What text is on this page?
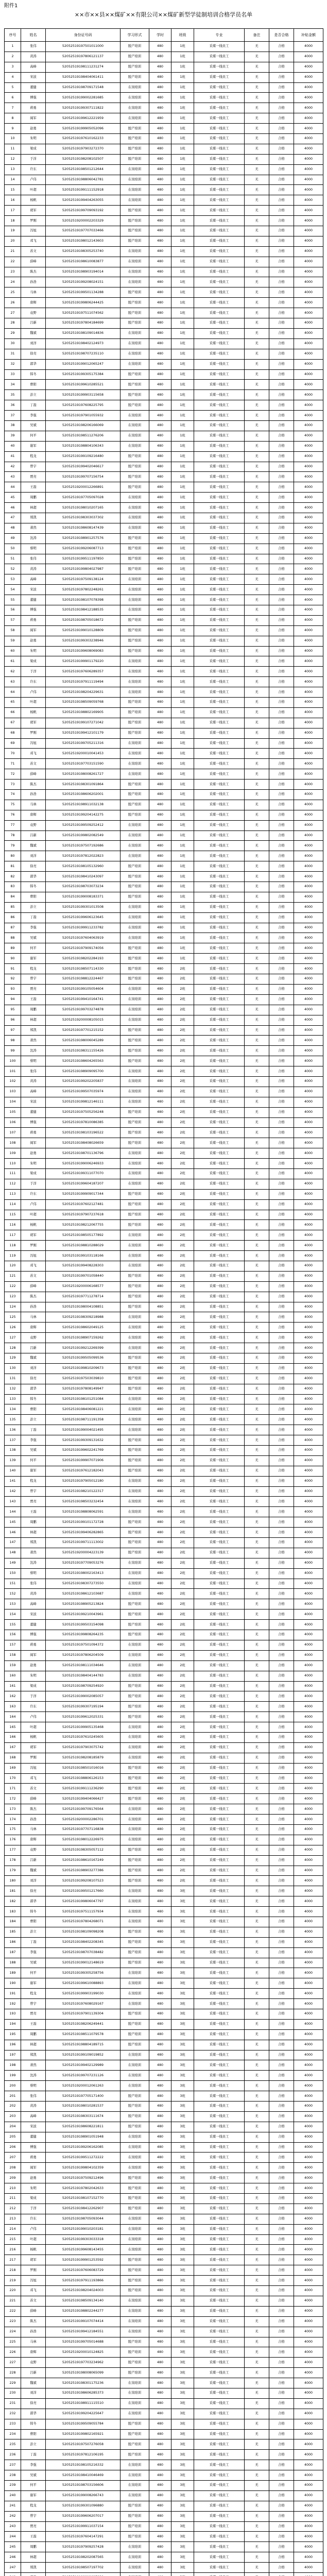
附件1
××市××县××煤矿××有限公司××煤矿新型学徒制培训合格学员名单
序号	姓名	身份证号码	学习形式	学时	班级	专业	备注	是否合格	补贴金额
1	张伟	52052519197501011000	脱产培训	480	1班	采煤一线员工	无	合格	4000
2	黄涛	52052519197806121137	脱产培训	480	1班	采煤一线员工	无	合格	4000
3	高峰	52052519198111231274	脱产培训	480	1班	采煤一线员工	无	合格	4000
4	宋波	52052519198404061411	脱产培训	480	1班	采煤一线员工	无	合格	4000
5	董健	52052519198709171548	在岗培训	480	1班	采煤一线员工	无	合格	4000
6	傅强	52052519199002281685	在岗培训	480	1班	采煤一线员工	无	合格	4000
7	蒋勇	52052519199307111822	在岗培训	480	1班	采煤一线员工	无	合格	4000
8	阎军	52052519199612221959	在岗培训	480	1班	采煤一线员工	无	合格	4000
9	赵勇	52052519199905052096	脱产培训	480	1班	采煤一线员工	无	合格	4000
10	朱明	52052519197610162233	脱产培训	480	1班	采煤一线员工	无	合格	4000
11	梁成	52052519197903272370	脱产培训	480	1班	采煤一线员工	无	合格	4000
12	于洋	52052519198208102507	脱产培训	480	1班	采煤一线员工	无	合格	4000
13	许东	52052519198501212644	在岗培训	480	1班	采煤一线员工	无	合格	4000
14	卢伟	52052519198806042781	在岗培训	480	1班	采煤一线员工	无	合格	4000
15	叶超	52052519199111152918	在岗培训	480	1班	采煤一线员工	无	合格	4000
16	杨帆	52052519199404263055	在岗培训	480	1班	采煤一线员工	无	合格	4000
17	胡军	52052519199709093192	脱产培训	480	1班	采煤一线员工	无	合格	4000
18	罗刚	52052519200002203329	脱产培训	480	1班	采煤一线员工	无	合格	4000
19	冯旭	52052519197707033466	脱产培训	480	1班	采煤一线员工	无	合格	4000
20	邓飞	52052519198012143603	脱产培训	480	1班	采煤一线员工	无	合格	4000
21	苏文	52052519198305253740	在岗培训	480	1班	采煤一线员工	无	合格	4000
22	薛峰	52052519198610083877	在岗培训	480	1班	采煤一线员工	无	合格	4000
23	陈杰	52052519198903194014	在岗培训	480	1班	采煤一线员工	无	合格	4000
24	孙浩	52052519199208024151	在岗培训	480	1班	采煤一线员工	无	合格	4000
25	马林	52052519199501134288	脱产培训	480	1班	采煤一线员工	无	合格	4000
26	唐辉	52052519199806244425	脱产培训	480	1班	采煤一线员工	无	合格	4000
27	袁野	52052519197511074562	脱产培训	480	1班	采煤一线员工	无	合格	4000
28	吕新	52052519197804184699	脱产培训	480	1班	采煤一线员工	无	合格	4000
29	魏斌	52052519198109014836	在岗培训	480	1班	采煤一线员工	无	合格	4000
30	刘洋	52052519198402124973	在岗培训	480	1班	采煤一线员工	无	合格	4000
31	徐亮	52052519198707235110	在岗培训	480	1班	采煤一线员工	无	合格	4000
32	郭华	52052519199012065247	在岗培训	480	1班	采煤一线员工	无	合格	4000
33	韩冬	52052519199305175384	脱产培训	480	1班	采煤一线员工	无	合格	4000
34	曹阳	52052519199610285521	脱产培训	480	1班	采煤一线员工	无	合格	4000
35	彭立	52052519199903115658	脱产培训	480	1班	采煤一线员工	无	合格	4000
36	丁磊	52052519197608225795	脱产培训	480	1班	采煤一线员工	无	合格	4000
37	李强	52052519197901055932	在岗培训	480	1班	采煤一线员工	无	合格	4000
38	吴斌	52052519198206166069	在岗培训	480	1班	采煤一线员工	无	合格	4000
39	何平	52052519198511276206	在岗培训	480	1班	采煤一线员工	无	合格	4000
40	谢军	52052519198804106343	在岗培训	480	1班	采煤一线员工	无	合格	4000
41	程龙	52052519199109216480	脱产培训	480	1班	采煤一线员工	无	合格	4000
42	曾宇	52052519199402046617	脱产培训	480	1班	采煤一线员工	无	合格	4000
43	贾亮	52052519199707156754	脱产培训	480	1班	采煤一线员工	无	合格	4000
44	王磊	52052519200012266891	脱产培训	480	1班	采煤一线员工	无	合格	4000
45	周鹏	52052519197705097028	在岗培训	480	1班	采煤一线员工	无	合格	4000
46	林超	52052519198010207165	在岗培训	480	1班	采煤一线员工	无	合格	4000
47	郑凯	52052519198303037302	在岗培训	480	1班	采煤一线员工	无	合格	4000
48	萧然	52052519198608147439	在岗培训	480	1班	采煤一线员工	无	合格	4000
49	沈涛	52052519198901257576	脱产培训	480	1班	采煤一线员工	无	合格	4000
50	蔡明	52052519199206087713	脱产培训	480	1班	采煤一线员工	无	合格	4000
51	张伟	52052519199511197850	脱产培训	480	1班	采煤一线员工	无	合格	4000
52	黄涛	52052519199804027987	脱产培训	480	1班	采煤一线员工	无	合格	4000
53	高峰	52052519197509138124	在岗培训	480	1班	采煤一线员工	无	合格	4000
54	宋波	52052519197802248261	在岗培训	480	1班	采煤一线员工	无	合格	4000
55	董健	52052519198107078398	在岗培训	480	1班	采煤一线员工	无	合格	4000
56	傅强	52052519198412188535	在岗培训	480	1班	采煤一线员工	无	合格	4000
57	蒋勇	52052519198705018672	脱产培训	480	1班	采煤一线员工	无	合格	4000
58	阎军	52052519199010128809	脱产培训	480	1班	采煤一线员工	无	合格	4000
59	赵勇	52052519199303238946	脱产培训	480	1班	采煤一线员工	无	合格	4000
60	朱明	52052519199608069083	脱产培训	480	1班	采煤一线员工	无	合格	4000
61	梁成	52052519199901179220	在岗培训	480	1班	采煤一线员工	无	合格	4000
62	于洋	52052519197606289357	在岗培训	480	1班	采煤一线员工	无	合格	4000
63	许东	52052519197911119494	在岗培训	480	1班	采煤一线员工	无	合格	4000
64	卢伟	52052519198204229631	在岗培训	480	1班	采煤一线员工	无	合格	4000
65	叶超	52052519198509059768	脱产培训	480	1班	采煤一线员工	无	合格	4000
66	杨帆	52052519198802169905	脱产培训	480	1班	采煤一线员工	无	合格	4000
67	胡军	52052519199107271042	脱产培训	480	1班	采煤一线员工	无	合格	4000
68	罗刚	52052519199412101179	脱产培训	480	1班	采煤一线员工	无	合格	4000
69	冯旭	52052519199705211316	在岗培训	480	1班	采煤一线员工	无	合格	4000
70	邓飞	52052519200010041453	在岗培训	480	1班	采煤一线员工	无	合格	4000
71	苏文	52052519197703151590	在岗培训	480	1班	采煤一线员工	无	合格	4000
72	薛峰	52052519198008261727	在岗培训	480	1班	采煤一线员工	无	合格	4000
73	陈杰	52052519198301091864	脱产培训	480	1班	采煤一线员工	无	合格	4000
74	孙浩	52052519198606202001	脱产培训	480	1班	采煤一线员工	无	合格	4000
75	马林	52052519198911032138	脱产培训	480	1班	采煤一线员工	无	合格	4000
76	唐辉	52052519199204142275	脱产培训	480	1班	采煤一线员工	无	合格	4000
77	袁野	52052519199509252412	在岗培训	480	1班	采煤一线员工	无	合格	4000
78	吕新	52052519199802082549	在岗培训	480	1班	采煤一线员工	无	合格	4000
79	魏斌	52052519197507192686	在岗培训	480	1班	采煤一线员工	无	合格	4000
80	刘洋	52052519197812022823	在岗培训	480	1班	采煤一线员工	无	合格	4000
81	徐亮	52052519198105132960	脱产培训	480	1班	采煤一线员工	无	合格	4000
82	郭华	52052519198410243097	脱产培训	480	1班	采煤一线员工	无	合格	4000
83	韩冬	52052519198703073234	脱产培训	480	1班	采煤一线员工	无	合格	4000
84	曹阳	52052519199008183371	脱产培训	480	1班	采煤一线员工	无	合格	4000
85	彭立	52052519199301013508	在岗培训	480	1班	采煤一线员工	无	合格	4000
86	丁磊	52052519199606123645	在岗培训	480	1班	采煤一线员工	无	合格	4000
87	李强	52052519199911233782	在岗培训	480	1班	采煤一线员工	无	合格	4000
88	吴斌	52052519197604063919	在岗培训	480	1班	采煤一线员工	无	合格	4000
89	何平	52052519197909174056	脱产培训	480	1班	采煤一线员工	无	合格	4000
90	谢军	52052519198202284193	脱产培训	480	1班	采煤一线员工	无	合格	4000
91	程龙	52052519198507114330	脱产培训	480	2班	采煤一线员工	无	合格	4000
92	曾宇	52052519198812224467	脱产培训	480	2班	采煤一线员工	无	合格	4000
93	贾亮	52052519199105054604	在岗培训	480	2班	采煤一线员工	无	合格	4000
94	王磊	52052519199410164741	在岗培训	480	2班	采煤一线员工	无	合格	4000
95	周鹏	52052519199703274878	在岗培训	480	2班	采煤一线员工	无	合格	4000
96	林超	52052519200008105015	在岗培训	480	2班	采煤一线员工	无	合格	4000
97	郑凯	52052519197701215152	脱产培训	480	2班	采煤一线员工	无	合格	4000
98	萧然	52052519198006045289	脱产培训	480	2班	采煤一线员工	无	合格	4000
99	沈涛	52052519198311155426	脱产培训	480	2班	采煤一线员工	无	合格	4000
100	蔡明	52052519198604265563	脱产培训	480	2班	采煤一线员工	无	合格	4000
101	张伟	52052519198909095700	在岗培训	480	2班	采煤一线员工	无	合格	4000
102	黄涛	52052519199202205837	在岗培训	480	2班	采煤一线员工	无	合格	4000
103	高峰	52052519199507035974	在岗培训	480	2班	采煤一线员工	无	合格	4000
104	宋波	52052519199812146111	在岗培训	480	2班	采煤一线员工	无	合格	4000
105	董健	52052519197505256248	脱产培训	480	2班	采煤一线员工	无	合格	4000
106	傅强	52052519197810086385	脱产培训	480	2班	采煤一线员工	无	合格	4000
107	蒋勇	52052519198103196522	脱产培训	480	2班	采煤一线员工	无	合格	4000
108	阎军	52052519198408026659	脱产培训	480	2班	采煤一线员工	无	合格	4000
109	赵勇	52052519198701136796	在岗培训	480	2班	采煤一线员工	无	合格	4000
110	朱明	52052519199006246933	在岗培训	480	2班	采煤一线员工	无	合格	4000
111	梁成	52052519199311077070	在岗培训	480	2班	采煤一线员工	无	合格	4000
112	于洋	52052519199604187207	在岗培训	480	2班	采煤一线员工	无	合格	4000
113	许东	52052519199909017344	脱产培训	480	2班	采煤一线员工	无	合格	4000
114	卢伟	52052519197602127481	脱产培训	480	2班	采煤一线员工	无	合格	4000
115	叶超	52052519197907237618	脱产培训	480	2班	采煤一线员工	无	合格	4000
116	杨帆	52052519198212067755	脱产培训	480	2班	采煤一线员工	无	合格	4000
117	胡军	52052519198505177892	在岗培训	480	2班	采煤一线员工	无	合格	4000
118	罗刚	52052519198810288029	在岗培训	480	2班	采煤一线员工	无	合格	4000
119	冯旭	52052519199103118166	在岗培训	480	2班	采煤一线员工	无	合格	4000
120	邓飞	52052519199408228303	在岗培训	480	2班	采煤一线员工	无	合格	4000
121	苏文	52052519199701058440	脱产培训	480	2班	采煤一线员工	无	合格	4000
122	薛峰	52052519200006168577	脱产培训	480	2班	采煤一线员工	无	合格	4000
123	陈杰	52052519197711278714	脱产培训	480	2班	采煤一线员工	无	合格	4000
124	孙浩	52052519198004108851	脱产培训	480	2班	采煤一线员工	无	合格	4000
125	马林	52052519198309218988	在岗培训	480	2班	采煤一线员工	无	合格	4000
126	唐辉	52052519198602049125	在岗培训	480	2班	采煤一线员工	无	合格	4000
127	袁野	52052519198907159262	在岗培训	480	2班	采煤一线员工	无	合格	4000
128	吕新	52052519199212269399	在岗培训	480	2班	采煤一线员工	无	合格	4000
129	魏斌	52052519199505099536	脱产培训	480	2班	采煤一线员工	无	合格	4000
130	刘洋	52052519199810209673	脱产培训	480	2班	采煤一线员工	无	合格	4000
131	徐亮	52052519197503039810	脱产培训	480	2班	采煤一线员工	无	合格	4000
132	郭华	52052519197808149947	脱产培训	480	2班	采煤一线员工	无	合格	4000
133	韩冬	52052519198101251084	在岗培训	480	2班	采煤一线员工	无	合格	4000
134	曹阳	52052519198406081221	在岗培训	480	2班	采煤一线员工	无	合格	4000
135	彭立	52052519198711191358	在岗培训	480	2班	采煤一线员工	无	合格	4000
136	丁磊	52052519199004021495	在岗培训	480	2班	采煤一线员工	无	合格	4000
137	李强	52052519199309131632	脱产培训	480	2班	采煤一线员工	无	合格	4000
138	吴斌	52052519199602241769	脱产培训	480	2班	采煤一线员工	无	合格	4000
139	何平	52052519199907071906	脱产培训	480	2班	采煤一线员工	无	合格	4000
140	谢军	52052519197612182043	脱产培训	480	2班	采煤一线员工	无	合格	4000
141	程龙	52052519197905012180	在岗培训	480	2班	采煤一线员工	无	合格	4000
142	曾宇	52052519198210122317	在岗培训	480	2班	采煤一线员工	无	合格	4000
143	贾亮	52052519198503232454	在岗培训	480	2班	采煤一线员工	无	合格	4000
144	王磊	52052519198808062591	在岗培训	480	2班	采煤一线员工	无	合格	4000
145	周鹏	52052519199101172728	脱产培训	480	2班	采煤一线员工	无	合格	4000
146	林超	52052519199406282865	脱产培训	480	2班	采煤一线员工	无	合格	4000
147	郑凯	52052519199711113002	脱产培训	480	2班	采煤一线员工	无	合格	4000
148	萧然	52052519200004223139	脱产培训	480	2班	采煤一线员工	无	合格	4000
149	沈涛	52052519197709053276	在岗培训	480	2班	采煤一线员工	无	合格	4000
150	蔡明	52052519198002163413	在岗培训	480	2班	采煤一线员工	无	合格	4000
151	张伟	52052519198307273550	在岗培训	480	2班	采煤一线员工	无	合格	4000
152	黄涛	52052519198612103687	在岗培训	480	2班	采煤一线员工	无	合格	4000
153	高峰	52052519198905213824	脱产培训	480	2班	采煤一线员工	无	合格	4000
154	宋波	52052519199210043961	脱产培训	480	2班	采煤一线员工	无	合格	4000
155	董健	52052519199503154098	脱产培训	480	2班	采煤一线员工	无	合格	4000
156	傅强	52052519199808264235	脱产培训	480	2班	采煤一线员工	无	合格	4000
157	蒋勇	52052519197501094372	在岗培训	480	2班	采煤一线员工	无	合格	4000
158	阎军	52052519197806204509	在岗培训	480	2班	采煤一线员工	无	合格	4000
159	赵勇	52052519198111034646	在岗培训	480	2班	采煤一线员工	无	合格	4000
160	朱明	52052519198404144783	在岗培训	480	2班	采煤一线员工	无	合格	4000
161	梁成	52052519198709254920	脱产培训	480	2班	采煤一线员工	无	合格	4000
162	于洋	52052519199002085057	脱产培训	480	2班	采煤一线员工	无	合格	4000
163	许东	52052519199307195194	脱产培训	480	2班	采煤一线员工	无	合格	4000
164	卢伟	52052519199612025331	脱产培训	480	2班	采煤一线员工	无	合格	4000
165	叶超	52052519199905135468	在岗培训	480	2班	采煤一线员工	无	合格	4000
166	杨帆	52052519197610245605	在岗培训	480	2班	采煤一线员工	无	合格	4000
167	胡军	52052519197903075742	在岗培训	480	2班	采煤一线员工	无	合格	4000
168	罗刚	52052519198208185879	在岗培训	480	2班	采煤一线员工	无	合格	4000
169	冯旭	52052519198501016016	脱产培训	480	2班	采煤一线员工	无	合格	4000
170	邓飞	52052519198806126153	脱产培训	480	2班	采煤一线员工	无	合格	4000
171	苏文	52052519199111236290	脱产培训	480	2班	采煤一线员工	无	合格	4000
172	薛峰	52052519199404066427	脱产培训	480	2班	采煤一线员工	无	合格	4000
173	陈杰	52052519199709176564	在岗培训	480	2班	采煤一线员工	无	合格	4000
174	孙浩	52052519200002286701	在岗培训	480	2班	采煤一线员工	无	合格	4000
175	马林	52052519197707116838	在岗培训	480	2班	采煤一线员工	无	合格	4000
176	唐辉	52052519198012226975	在岗培训	480	2班	采煤一线员工	无	合格	4000
177	袁野	52052519198305057112	脱产培训	480	2班	采煤一线员工	无	合格	4000
178	吕新	52052519198610167249	脱产培训	480	2班	采煤一线员工	无	合格	4000
179	魏斌	52052519198903277386	脱产培训	480	2班	采煤一线员工	无	合格	4000
180	刘洋	52052519199208107523	脱产培训	480	2班	采煤一线员工	无	合格	4000
181	徐亮	52052519199501217660	在岗培训	480	3班	采煤一线员工	无	合格	4000
182	郭华	52052519199806047797	在岗培训	480	3班	采煤一线员工	无	合格	4000
183	韩冬	52052519197511157934	在岗培训	480	3班	采煤一线员工	无	合格	4000
184	曹阳	52052519197804268071	在岗培训	480	3班	采煤一线员工	无	合格	4000
185	彭立	52052519198109098208	脱产培训	480	3班	采煤一线员工	无	合格	4000
186	丁磊	52052519198402208345	脱产培训	480	3班	采煤一线员工	无	合格	4000
187	李强	52052519198707038482	脱产培训	480	3班	采煤一线员工	无	合格	4000
188	吴斌	52052519199012148619	脱产培训	480	3班	采煤一线员工	无	合格	4000
189	何平	52052519199305258756	在岗培训	480	3班	采煤一线员工	无	合格	4000
190	谢军	52052519199610088893	在岗培训	480	3班	采煤一线员工	无	合格	4000
191	程龙	52052519199903199030	在岗培训	480	3班	采煤一线员工	无	合格	4000
192	曾宇	52052519197608029167	在岗培训	480	3班	采煤一线员工	无	合格	4000
193	贾亮	52052519197901139304	脱产培训	480	3班	采煤一线员工	无	合格	4000
194	王磊	52052519198206249441	脱产培训	480	3班	采煤一线员工	无	合格	4000
195	周鹏	52052519198511079578	脱产培训	480	3班	采煤一线员工	无	合格	4000
196	林超	52052519198804189715	脱产培训	480	3班	采煤一线员工	无	合格	4000
197	郑凯	52052519199109019852	在岗培训	480	3班	采煤一线员工	无	合格	4000
198	萧然	52052519199402129989	在岗培训	480	3班	采煤一线员工	无	合格	4000
199	沈涛	52052519199707231126	在岗培训	480	3班	采煤一线员工	无	合格	4000
200	蔡明	52052519200012061263	在岗培训	480	3班	采煤一线员工	无	合格	4000
201	张伟	52052519197705171400	脱产培训	480	3班	采煤一线员工	无	合格	4000
202	黄涛	52052519198010281537	脱产培训	480	3班	采煤一线员工	无	合格	4000
203	高峰	52052519198303111674	脱产培训	480	3班	采煤一线员工	无	合格	4000
204	宋波	52052519198608221811	脱产培训	480	3班	采煤一线员工	无	合格	4000
205	董健	52052519198901051948	在岗培训	480	3班	采煤一线员工	无	合格	4000
206	傅强	52052519199206162085	在岗培训	480	3班	采煤一线员工	无	合格	4000
207	蒋勇	52052519199511272222	在岗培训	480	3班	采煤一线员工	无	合格	4000
208	阎军	52052519199804102359	在岗培训	480	3班	采煤一线员工	无	合格	4000
209	赵勇	52052519197509212496	脱产培训	480	3班	采煤一线员工	无	合格	4000
210	朱明	52052519197802042633	脱产培训	480	3班	采煤一线员工	无	合格	4000
211	梁成	52052519198107152770	脱产培训	480	3班	采煤一线员工	无	合格	4000
212	于洋	52052519198412262907	脱产培训	480	3班	采煤一线员工	无	合格	4000
213	许东	52052519198705093044	在岗培训	480	3班	采煤一线员工	无	合格	4000
214	卢伟	52052519199010203181	在岗培训	480	3班	采煤一线员工	无	合格	4000
215	叶超	52052519199303033318	在岗培训	480	3班	采煤一线员工	无	合格	4000
216	杨帆	52052519199608143455	在岗培训	480	3班	采煤一线员工	无	合格	4000
217	胡军	52052519199901253592	脱产培训	480	3班	采煤一线员工	无	合格	4000
218	罗刚	52052519197606083729	脱产培训	480	3班	采煤一线员工	无	合格	4000
219	冯旭	52052519197911193866	脱产培训	480	3班	采煤一线员工	无	合格	4000
220	邓飞	52052519198204024003	脱产培训	480	3班	采煤一线员工	无	合格	4000
221	苏文	52052519198509134140	在岗培训	480	3班	采煤一线员工	无	合格	4000
222	薛峰	52052519198802244277	在岗培训	480	3班	采煤一线员工	无	合格	4000
223	陈杰	52052519199107074414	在岗培训	480	3班	采煤一线员工	无	合格	4000
224	孙浩	52052519199412184551	在岗培训	480	3班	采煤一线员工	无	合格	4000
225	马林	52052519199705014688	脱产培训	480	3班	采煤一线员工	无	合格	4000
226	唐辉	52052519200010124825	脱产培训	480	3班	采煤一线员工	无	合格	4000
227	袁野	52052519197703234962	脱产培训	480	3班	采煤一线员工	无	合格	4000
228	吕新	52052519198008065099	脱产培训	480	3班	采煤一线员工	无	合格	4000
229	魏斌	52052519198301175236	在岗培训	480	3班	采煤一线员工	无	合格	4000
230	刘洋	52052519198606285373	在岗培训	480	3班	采煤一线员工	无	合格	4000
231	徐亮	52052519198911115510	在岗培训	480	3班	采煤一线员工	无	合格	4000
232	郭华	52052519199204225647	在岗培训	480	3班	采煤一线员工	无	合格	4000
233	韩冬	52052519199509055784	脱产培训	480	3班	采煤一线员工	无	合格	4000
234	曹阳	52052519199802165921	脱产培训	480	3班	采煤一线员工	无	合格	4000
235	彭立	52052519197507276058	脱产培训	480	3班	采煤一线员工	无	合格	4000
236	丁磊	52052519197812106195	脱产培训	480	3班	采煤一线员工	无	合格	4000
237	李强	52052519198105216332	在岗培训	480	3班	采煤一线员工	无	合格	4000
238	吴斌	52052519198410046469	在岗培训	480	3班	采煤一线员工	无	合格	4000
239	何平	52052519198703156606	在岗培训	480	3班	采煤一线员工	无	合格	4000
240	谢军	52052519199008266743	在岗培训	480	3班	采煤一线员工	无	合格	4000
241	程龙	52052519199301096880	脱产培训	480	3班	采煤一线员工	无	合格	4000
242	曾宇	52052519199606207017	脱产培训	480	3班	采煤一线员工	无	合格	4000
243	贾亮	52052519199911037154	脱产培训	480	3班	采煤一线员工	无	合格	4000
244	王磊	52052519197604147291	脱产培训	480	3班	采煤一线员工	无	合格	4000
245	周鹏	52052519197909257428	在岗培训	480	3班	采煤一线员工	无	合格	4000
246	林超	52052519198202087565	在岗培训	480	3班	采煤一线员工	无	合格	4000
247	郑凯	52052519198507197702	在岗培训	480	3班	采煤一线员工	无	合格	4000
